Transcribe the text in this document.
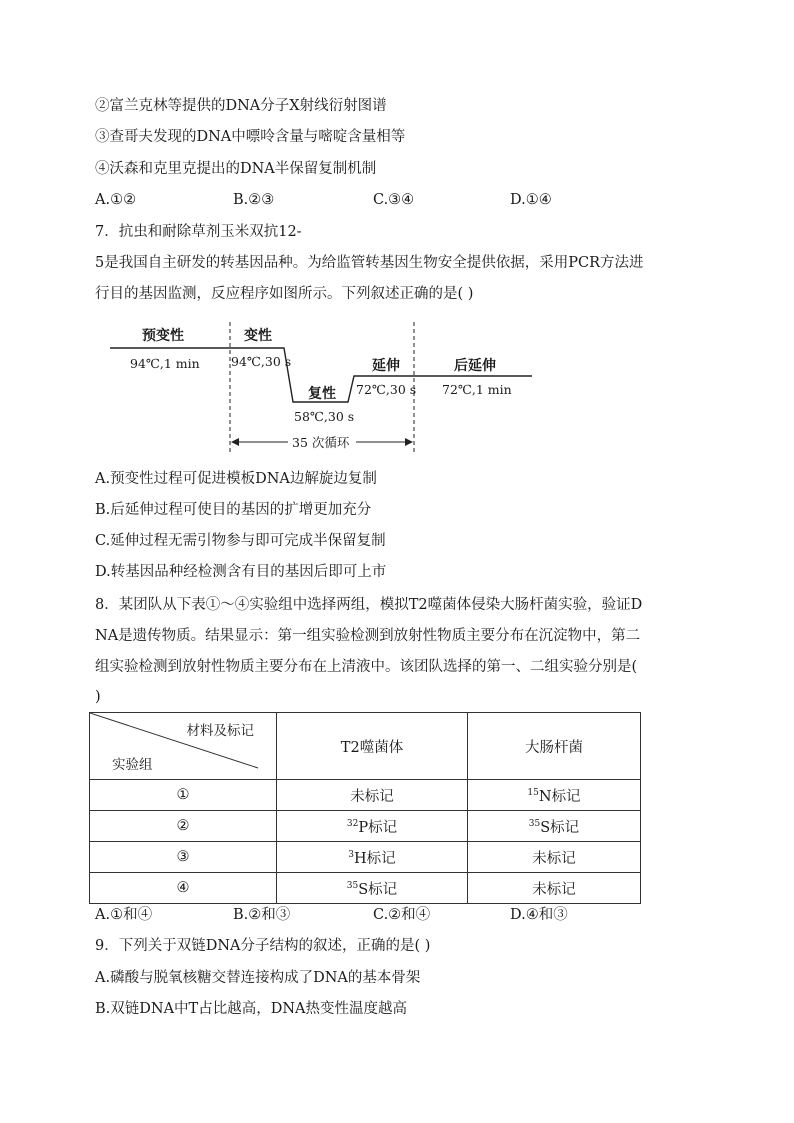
②富兰克林等提供的DNA分子X射线衍射图谱
③查哥夫发现的DNA中嘌呤含量与嘧啶含量相等
④沃森和克里克提出的DNA半保留复制机制
A.①②	B.②③	C.③④	D.①④
7．抗虫和耐除草剂玉米双抗12-
5是我国自主研发的转基因品种。为给监管转基因生物安全提供依据，采用PCR方法进
行目的基因监测，反应程序如图所示。下列叙述正确的是( )
预变性
94℃,1 min
变性
94℃,30 s
复性
58℃,30 s
延伸
72℃,30 s
后延伸
72℃,1 min
35 次循环
A.预变性过程可促进模板DNA边解旋边复制
B.后延伸过程可使目的基因的扩增更加充分
C.延伸过程无需引物参与即可完成半保留复制
D.转基因品种经检测含有目的基因后即可上市
8．某团队从下表①～④实验组中选择两组，模拟T2噬菌体侵染大肠杆菌实验，验证D
NA是遗传物质。结果显示：第一组实验检测到放射性物质主要分布在沉淀物中，第二
组实验检测到放射性物质主要分布在上清液中。该团队选择的第一、二组实验分别是(
)
材料及标记
实验组	T2噬菌体	大肠杆菌
①	未标记	$^{15}$N标记
②	$^{32}$P标记	$^{35}$S标记
③	$^3$H标记	未标记
④	$^{35}$S标记	未标记
A.①和④	B.②和③	C.②和④	D.④和③
9．下列关于双链DNA分子结构的叙述，正确的是( )
A.磷酸与脱氧核糖交替连接构成了DNA的基本骨架
B.双链DNA中T占比越高，DNA热变性温度越高
